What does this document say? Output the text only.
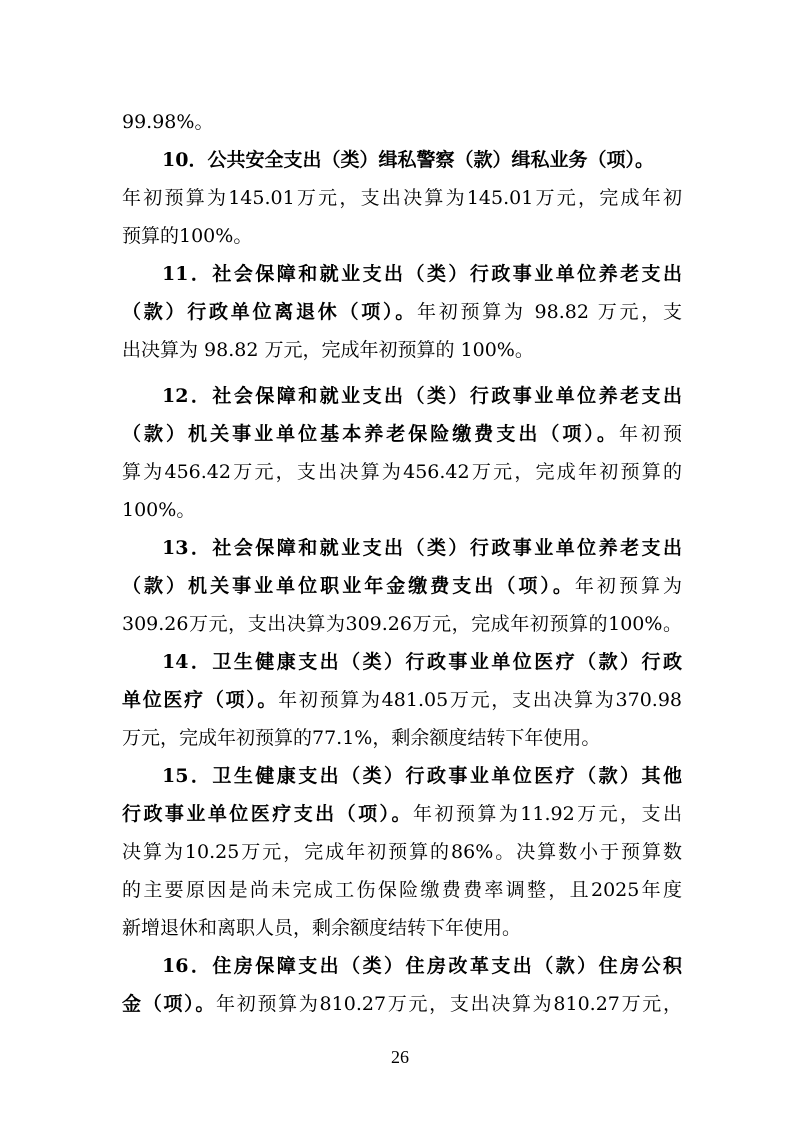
99.98%。
10．公共安全支出（类）缉私警察（款）缉私业务（项）。
年初预算为145.01万元，支出决算为145.01万元，完成年初
预算的100%。
11．社会保障和就业支出（类）行政事业单位养老支出
（款）行政单位离退休（项）。年初预算为 98.82 万元，支
出决算为 98.82 万元，完成年初预算的 100%。
12．社会保障和就业支出（类）行政事业单位养老支出
（款）机关事业单位基本养老保险缴费支出（项）。年初预
算为456.42万元，支出决算为456.42万元，完成年初预算的
100%。
13．社会保障和就业支出（类）行政事业单位养老支出
（款）机关事业单位职业年金缴费支出（项）。年初预算为
309.26万元，支出决算为309.26万元，完成年初预算的100%。
14．卫生健康支出（类）行政事业单位医疗（款）行政
单位医疗（项）。年初预算为481.05万元，支出决算为370.98
万元，完成年初预算的77.1%，剩余额度结转下年使用。
15．卫生健康支出（类）行政事业单位医疗（款）其他
行政事业单位医疗支出（项）。年初预算为11.92万元，支出
决算为10.25万元，完成年初预算的86%。决算数小于预算数
的主要原因是尚未完成工伤保险缴费费率调整，且2025年度
新增退休和离职人员，剩余额度结转下年使用。
16．住房保障支出（类）住房改革支出（款）住房公积
金（项）。年初预算为810.27万元，支出决算为810.27万元，
26
